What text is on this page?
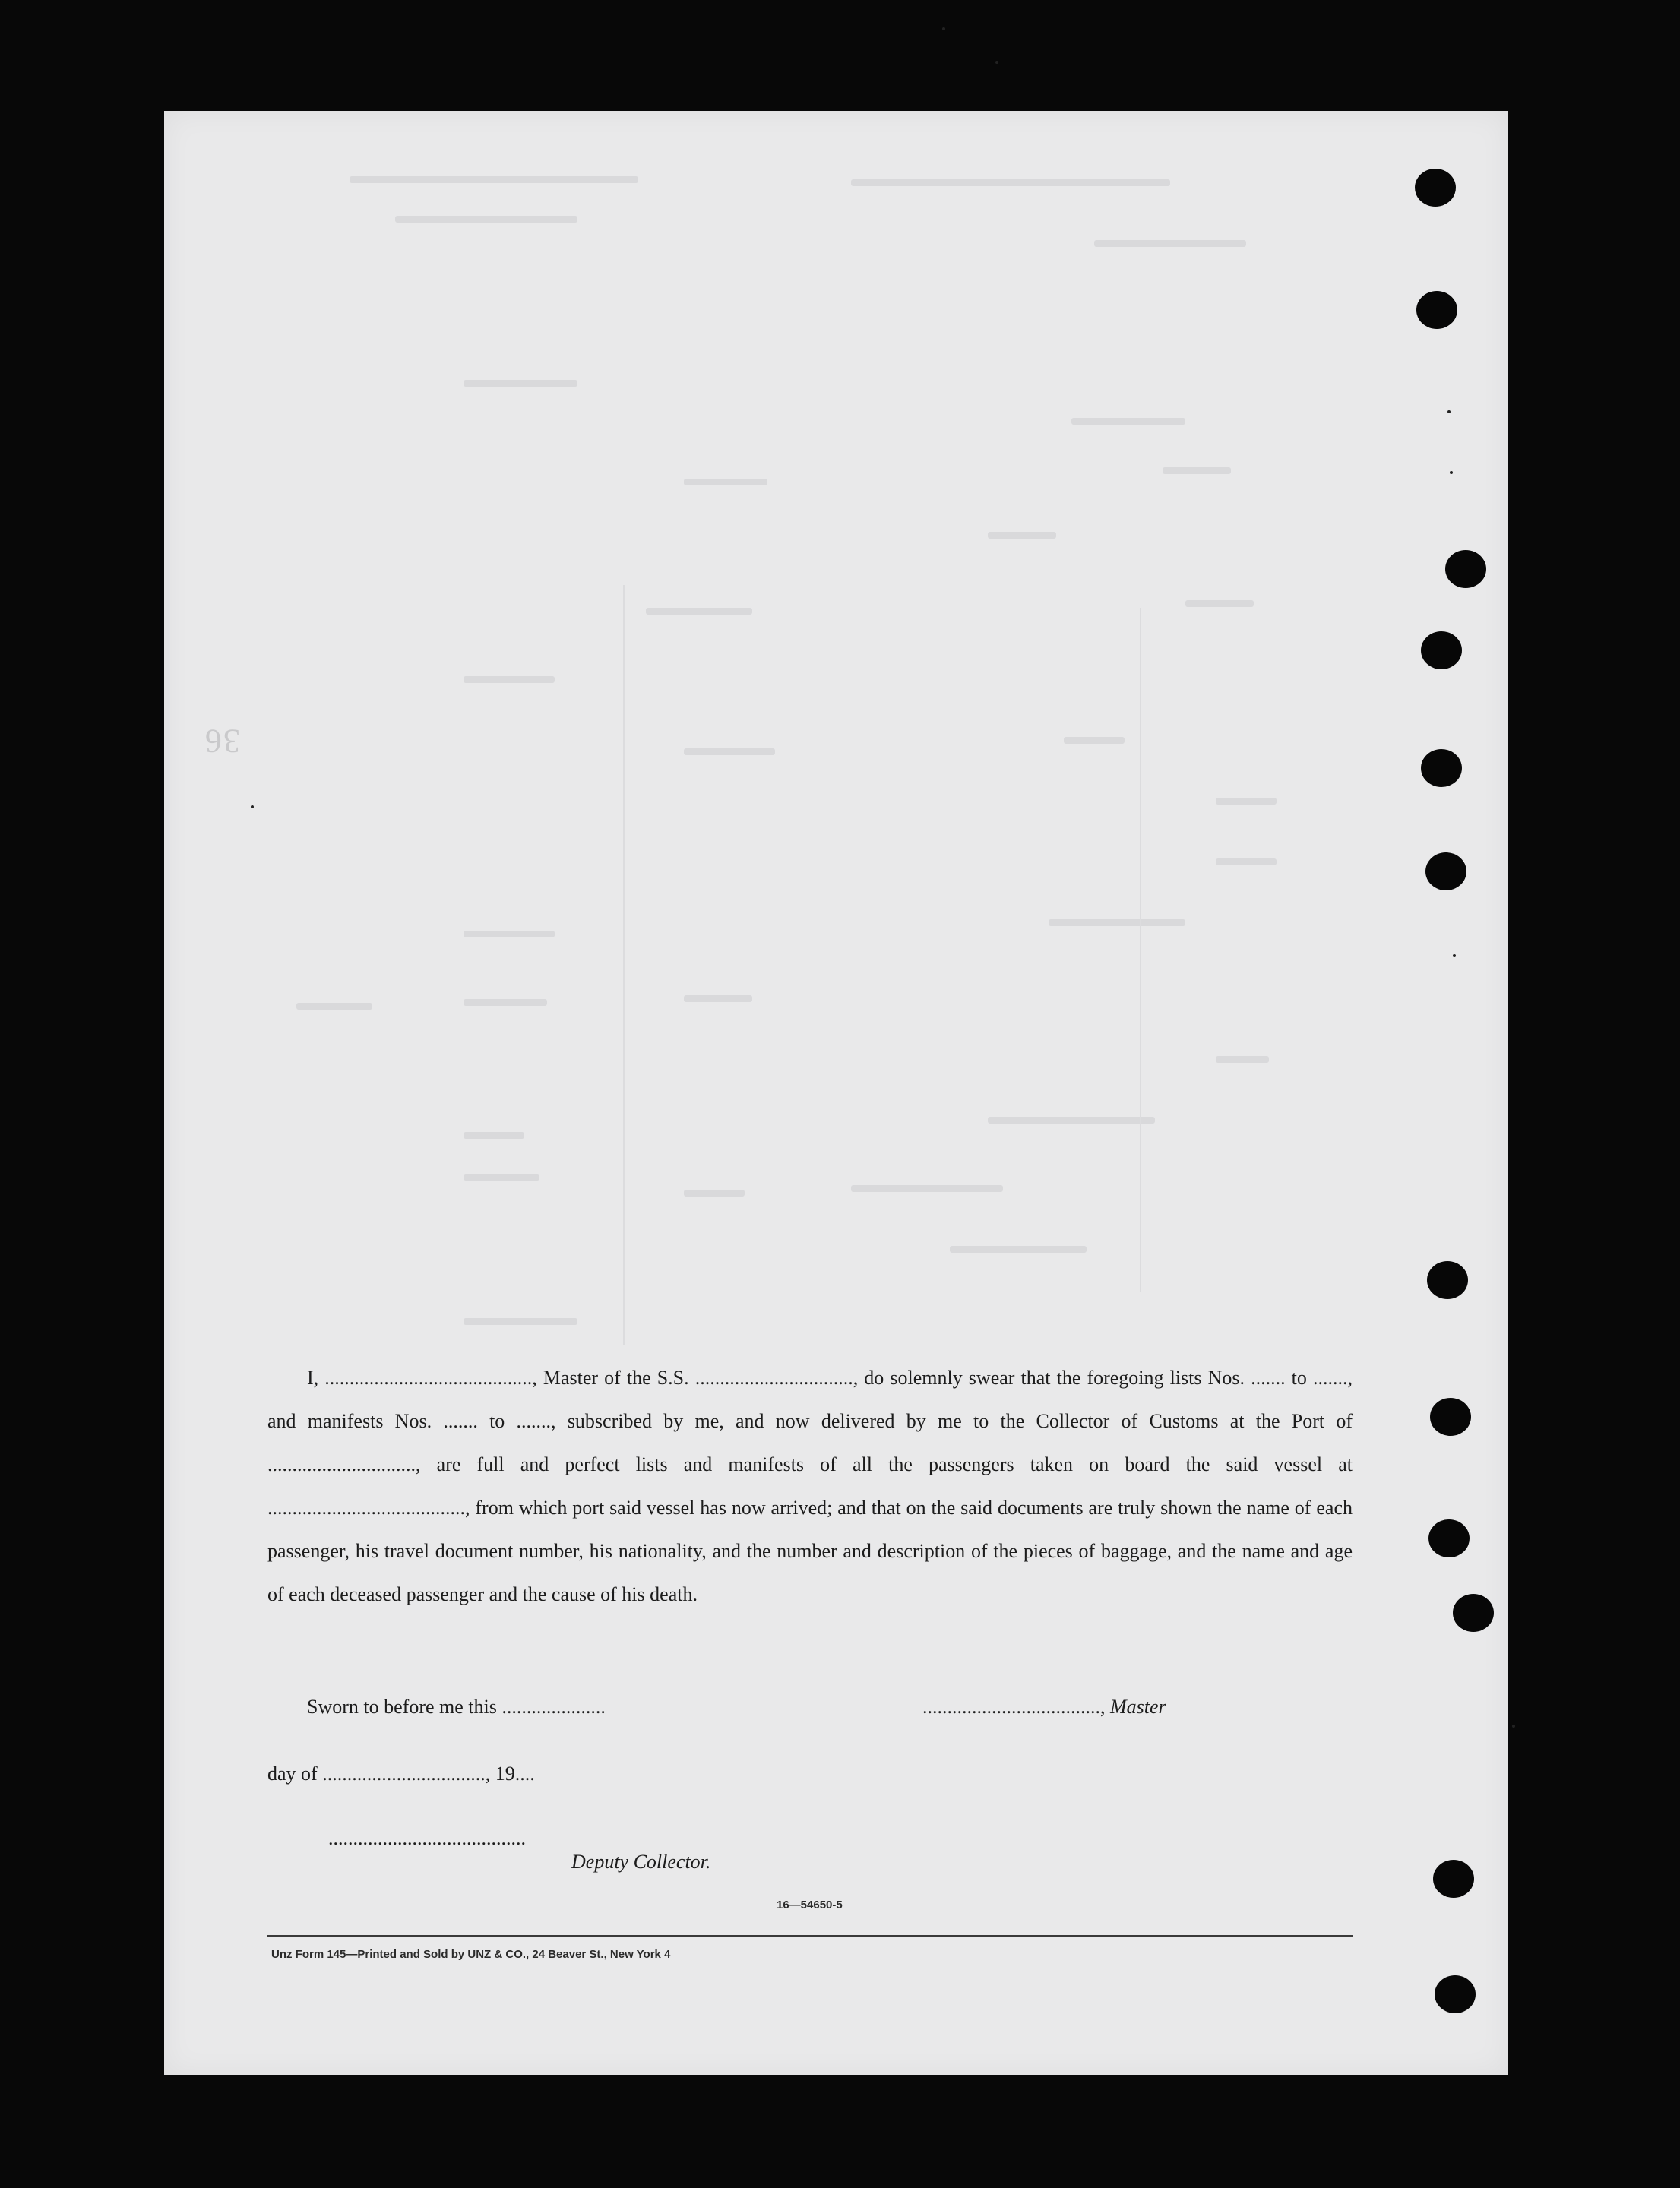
36

I, .........................................., Master of the S.S. ................................, do solemnly swear that the foregoing lists Nos. ....... to ......., and manifests Nos. ....... to ......., subscribed by me, and now delivered by me to the Collector of Customs at the Port of .............................., are full and perfect lists and manifests of all the passengers taken on board the said vessel at ........................................, from which port said vessel has now arrived; and that on the said documents are truly shown the name of each passenger, his travel document number, his nationality, and the number and description of the pieces of baggage, and the name and age of each deceased passenger and the cause of his death.

Sworn to before me this .....................	...................................., Master
day of ................................., 19....
........................................
Deputy Collector.
16—54650-5
Unz Form 145—Printed and Sold by UNZ & CO., 24 Beaver St., New York 4
